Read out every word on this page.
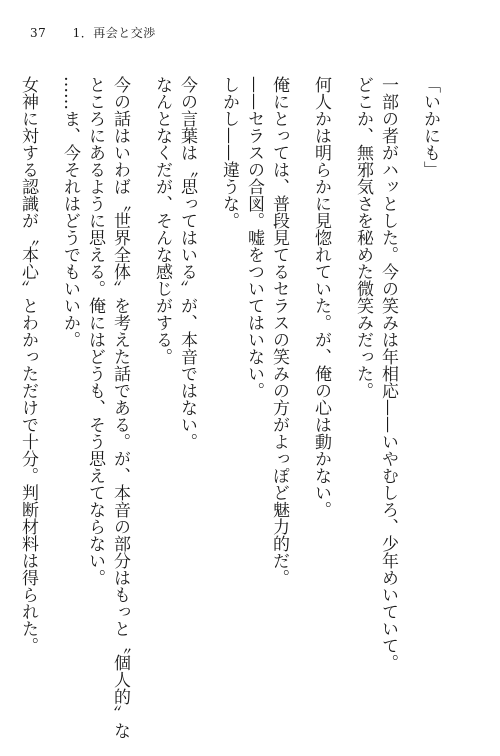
37 1．再会と交渉
「いかにも」
一部の者がハッとした。今の笑みは年相応——いやむしろ、少年めいていて。
どこか、無邪気さを秘めた微笑みだった。
何人かは明らかに見惚れていた。が、俺の心は動かない。
俺にとっては、普段見てるセラスの笑みの方がよっぽど魅力的だ。
——セラスの合図。嘘をついてはいない。
しかし——違うな。
今の言葉は〝思ってはいる〟が、本音ではない。
なんとなくだが、そんな感じがする。
今の話はいわば〝世界全体〟を考えた話である。が、本音の部分はもっと〝個人的〟な
ところにあるように思える。俺にはどうも、そう思えてならない。
……ま、今それはどうでもいいか。
女神に対する認識が〝本心〟とわかっただけで十分。判断材料は得られた。
